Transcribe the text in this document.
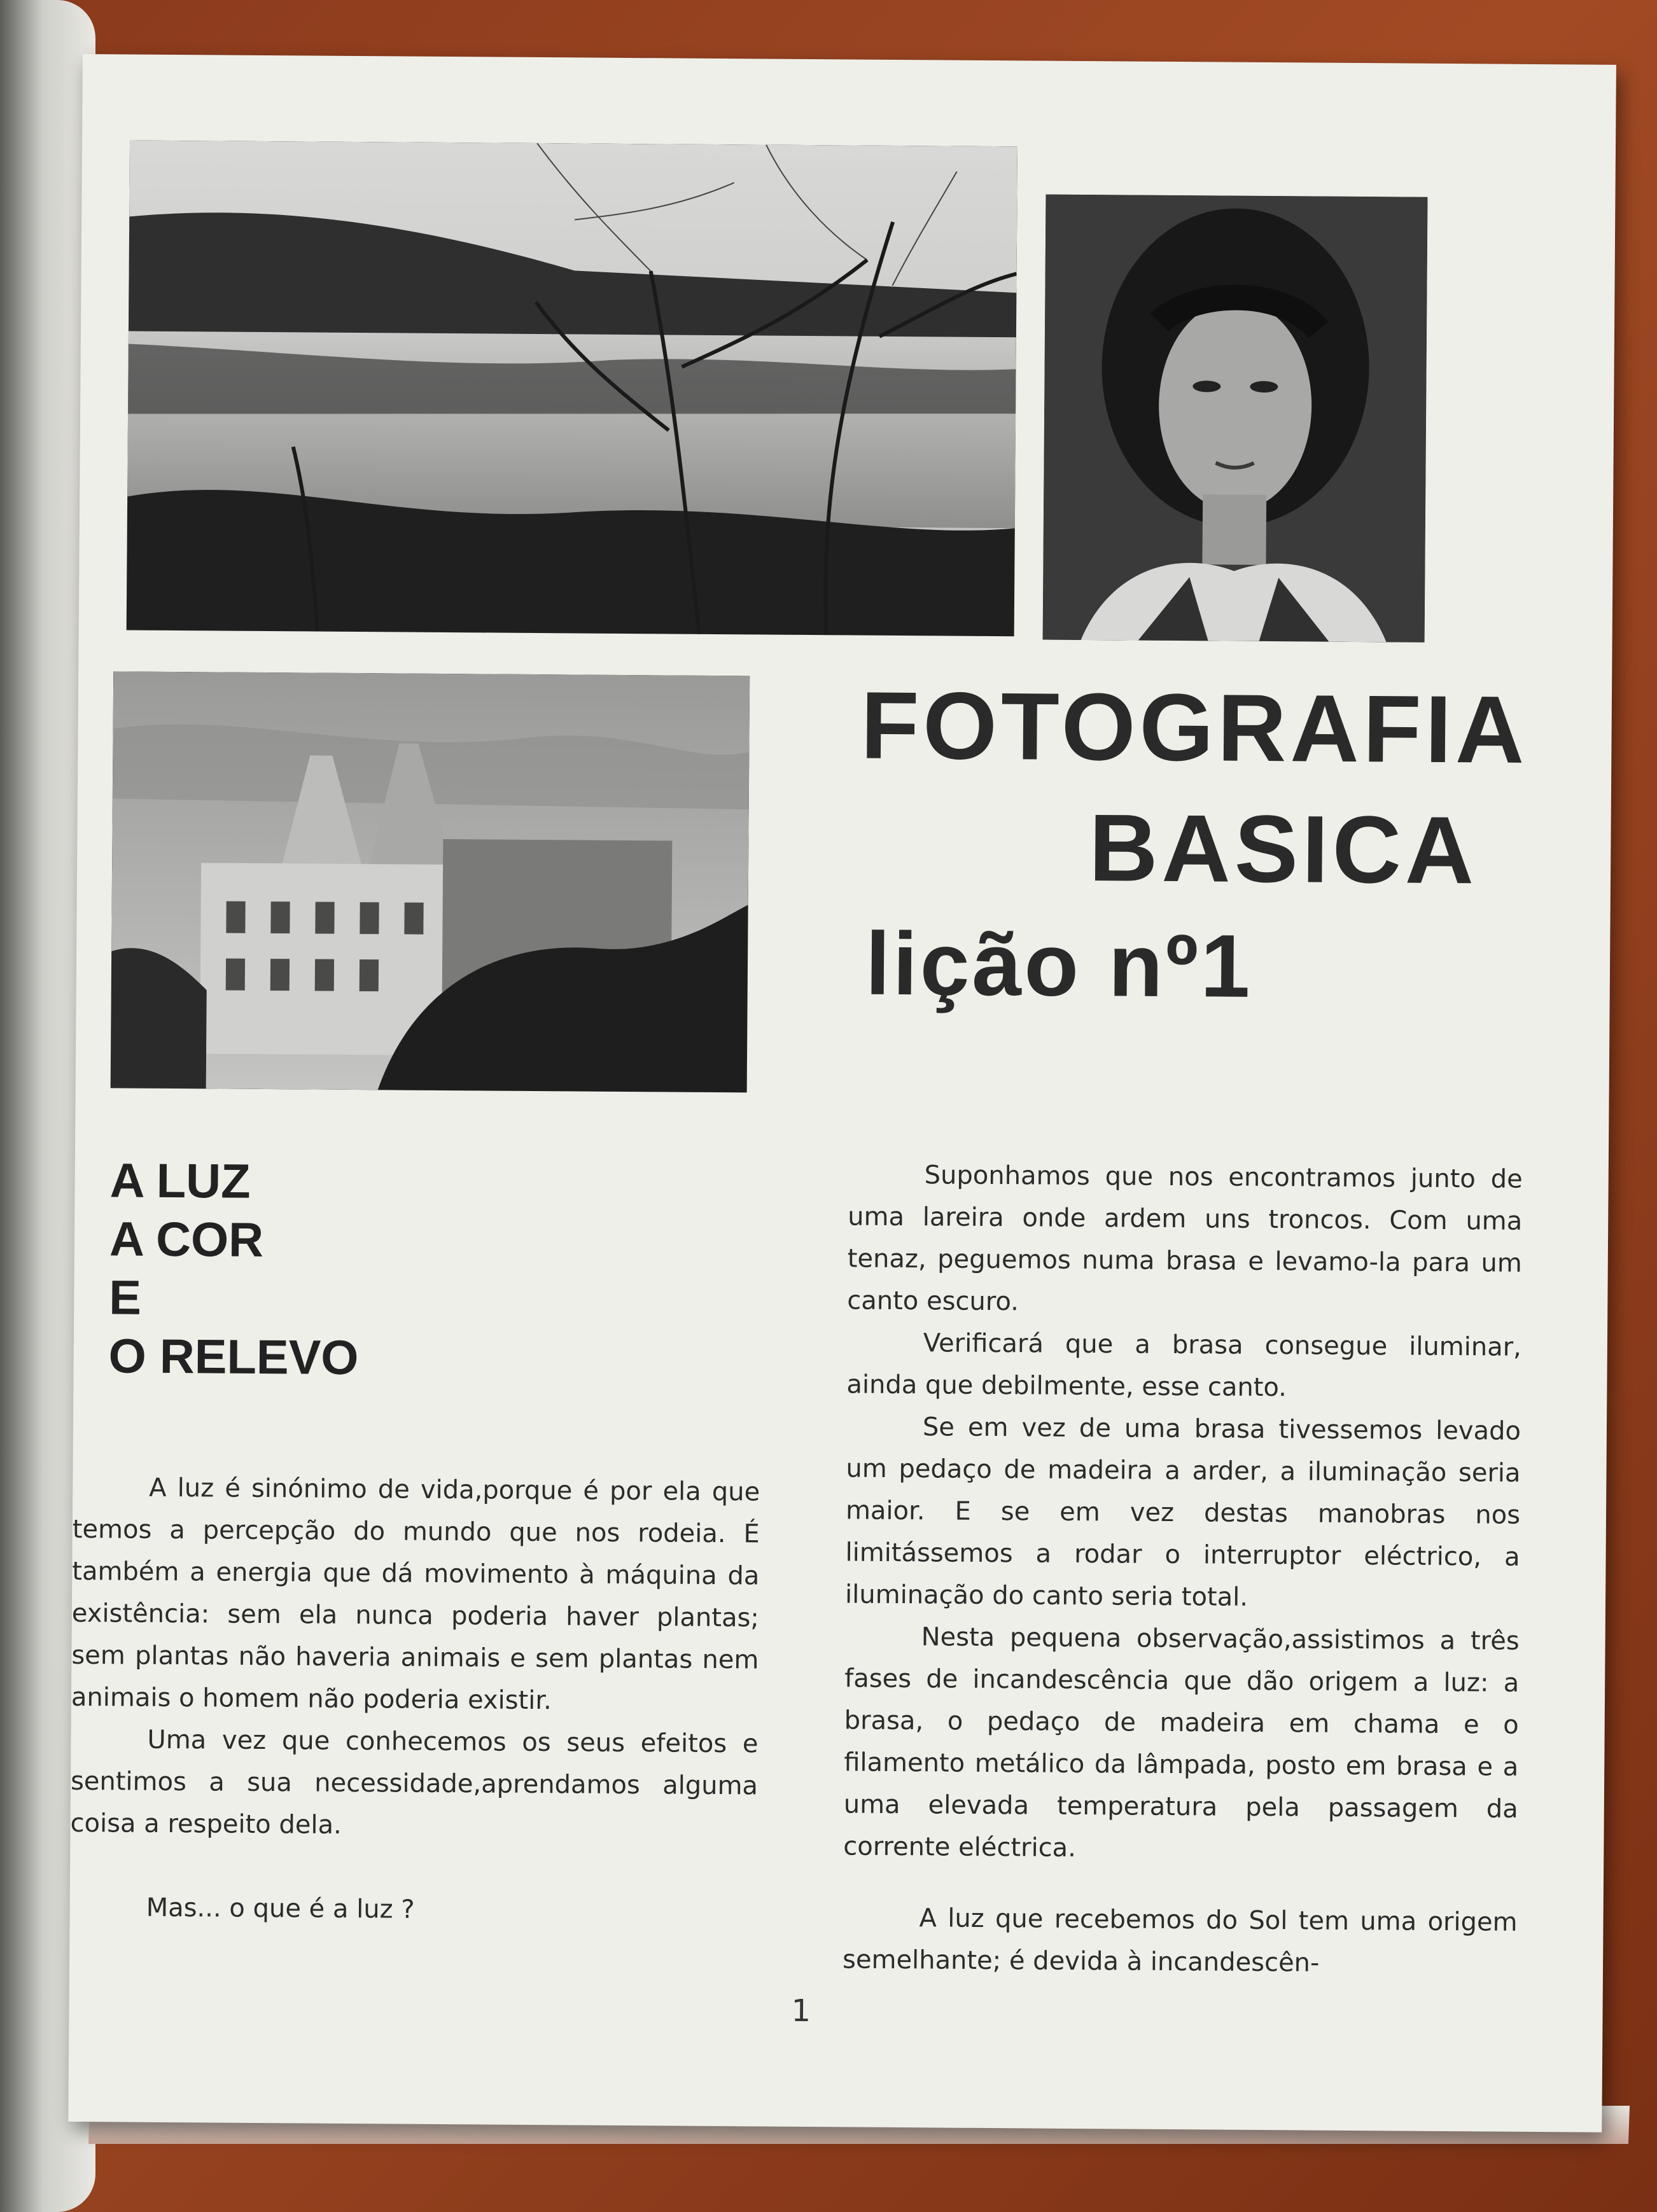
FOTOGRAFIA
BASICA
lição nº1
A LUZ
A COR
E
O RELEVO

A luz é sinónimo de vida,porque é por ela que temos a percepção do mundo que nos rodeia. É também a energia que dá movimento à máquina da existência: sem ela nunca poderia haver plantas; sem plantas não haveria animais e sem plantas nem animais o homem não poderia existir.

Uma vez que conhecemos os seus efeitos e sentimos a sua necessidade,aprendamos alguma coisa a respeito dela.

Mas... o que é a luz ?

Suponhamos que nos encontramos junto de uma lareira onde ardem uns troncos. Com uma tenaz, peguemos numa brasa e levamo-la para um canto escuro.

Verificará que a brasa consegue iluminar, ainda que debilmente, esse canto.

Se em vez de uma brasa tivessemos levado um pedaço de madeira a arder, a iluminação seria maior. E se em vez destas manobras nos limitássemos a rodar o interruptor eléctrico, a iluminação do canto seria total.

Nesta pequena observação,assistimos a três fases de incandescência que dão origem a luz: a brasa, o pedaço de madeira em chama e o filamento metálico da lâmpada, posto em brasa e a uma elevada temperatura pela passagem da corrente eléctrica.

A luz que recebemos do Sol tem uma origem semelhante; é devida à incandescên-

1
